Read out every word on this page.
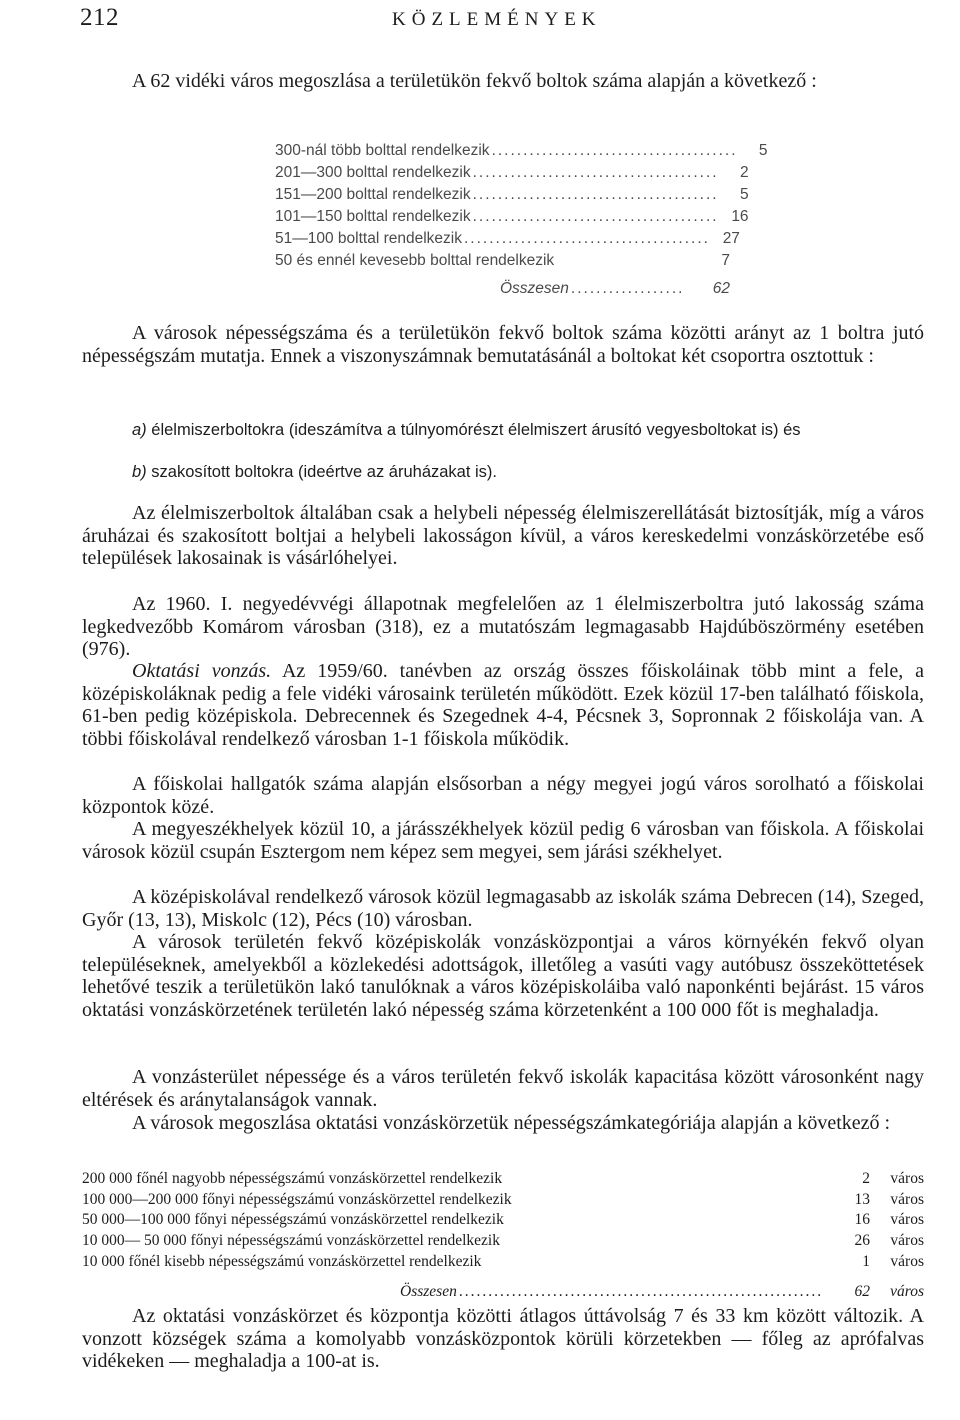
212	KÖZLEMÉNYEK

A 62 vidéki város megoszlása a területükön fekvő boltok száma alapján a következő :

300-nál több bolttal rendelkezik .......................................	5
201—300 bolttal rendelkezik .......................................	2
151—200 bolttal rendelkezik .......................................	5
101—150 bolttal rendelkezik ....................................... 16
51—100 bolttal rendelkezik ....................................... 27
50 és ennél kevesebb bolttal rendelkezik	7
Összesen ..................	62

A városok népességszáma és a területükön fekvő boltok száma közötti arányt az 1 boltra jutó népességszám mutatja. Ennek a viszonyszámnak bemutatásánál a boltokat két csoportra osztottuk :

a) élelmiszerboltokra (ideszámítva a túlnyomórészt élelmiszert árusító vegyesboltokat is) és
b) szakosított boltokra (ideértve az áruházakat is).

Az élelmiszerboltok általában csak a helybeli népesség élelmiszerellátását biztosítják, míg a város áruházai és szakosított boltjai a helybeli lakosságon kívül, a város kereskedelmi vonzáskörzetébe eső települések lakosainak is vásárlóhelyei.

Az 1960. I. negyedévvégi állapotnak megfelelően az 1 élelmiszerboltra jutó lakosság száma legkedvezőbb Komárom városban (318), ez a mutatószám legmagasabb Hajdúböszörmény esetében (976).

Oktatási vonzás. Az 1959/60. tanévben az ország összes főiskoláinak több mint a fele, a középiskoláknak pedig a fele vidéki városaink területén működött. Ezek közül 17-ben található főiskola, 61-ben pedig középiskola. Debrecennek és Szegednek 4-4, Pécsnek 3, Sopronnak 2 főiskolája van. A többi főiskolával rendelkező városban 1-1 főiskola működik.

A főiskolai hallgatók száma alapján elsősorban a négy megyei jogú város sorolható a főiskolai központok közé.

A megyeszékhelyek közül 10, a járásszékhelyek közül pedig 6 városban van főiskola. A főiskolai városok közül csupán Esztergom nem képez sem megyei, sem járási székhelyet.

A középiskolával rendelkező városok közül legmagasabb az iskolák száma Debrecen (14), Szeged, Győr (13, 13), Miskolc (12), Pécs (10) városban.

A városok területén fekvő középiskolák vonzásközpontjai a város környékén fekvő olyan településeknek, amelyekből a közlekedési adottságok, illetőleg a vasúti vagy autóbusz összeköttetések lehetővé teszik a területükön lakó tanulóknak a város középiskoláiba való naponkénti bejárást. 15 város oktatási vonzáskörzetének területén lakó népesség száma körzetenként a 100 000 főt is meghaladja.

A vonzásterület népessége és a város területén fekvő iskolák kapacitása között városonként nagy eltérések és aránytalanságok vannak.

A városok megoszlása oktatási vonzáskörzetük népességszámkategóriája alapján a következő :

200 000 főnél nagyobb népességszámú vonzáskörzettel rendelkezik	2	város
100 000—200 000 főnyi népességszámú vonzáskörzettel rendelkezik	13	város
50 000—100 000 főnyi népességszámú vonzáskörzettel rendelkezik	16	város
10 000— 50 000 főnyi népességszámú vonzáskörzettel rendelkezik	26	város
10 000 főnél kisebb népességszámú vonzáskörzettel rendelkezik	1	város
Összesen ..............................................................	62	város

Az oktatási vonzáskörzet és központja közötti átlagos úttávolság 7 és 33 km között változik. A vonzott községek száma a komolyabb vonzásközpontok körüli körzetekben — főleg az aprófalvas vidékeken — meghaladja a 100-at is.
